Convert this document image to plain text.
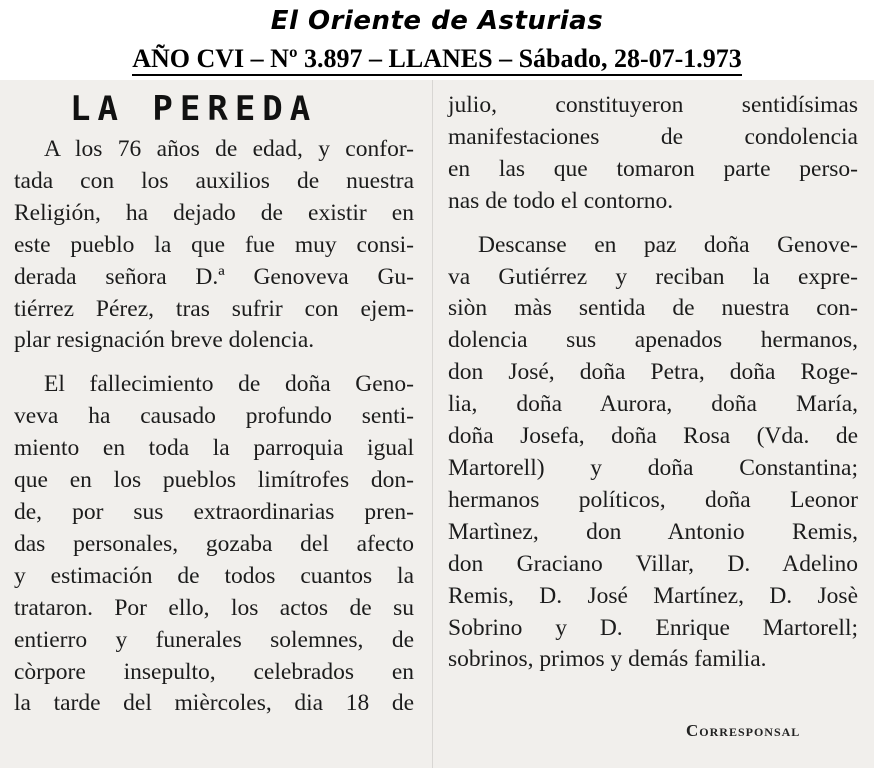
El Oriente de Asturias
AÑO CVI – Nº 3.897 – LLANES – Sábado, 28-07-1.973
LA PEREDA
A los 76 años de edad, y confor-
tada con los auxilios de nuestra
Religión, ha dejado de existir en
este pueblo la que fue muy consi-
derada señora D.ª Genoveva Gu-
tiérrez Pérez, tras sufrir con ejem-
plar resignación breve dolencia.
El fallecimiento de doña Geno-
veva ha causado profundo senti-
miento en toda la parroquia igual
que en los pueblos limítrofes don-
de, por sus extraordinarias pren-
das personales, gozaba del afecto
y estimación de todos cuantos la
trataron. Por ello, los actos de su
entierro y funerales solemnes, de
còrpore insepulto, celebrados en
la tarde del mièrcoles, dia 18 de
julio, constituyeron sentidísimas
manifestaciones de condolencia
en las que tomaron parte perso-
nas de todo el contorno.
Descanse en paz doña Genove-
va Gutiérrez y reciban la expre-
siòn màs sentida de nuestra con-
dolencia sus apenados hermanos,
don José, doña Petra, doña Roge-
lia, doña Aurora, doña María,
doña Josefa, doña Rosa (Vda. de
Martorell) y doña Constantina;
hermanos políticos, doña Leonor
Martìnez, don Antonio Remis,
don Graciano Villar, D. Adelino
Remis, D. José Martínez, D. Josè
Sobrino y D. Enrique Martorell;
sobrinos, primos y demás familia.
Corresponsal
